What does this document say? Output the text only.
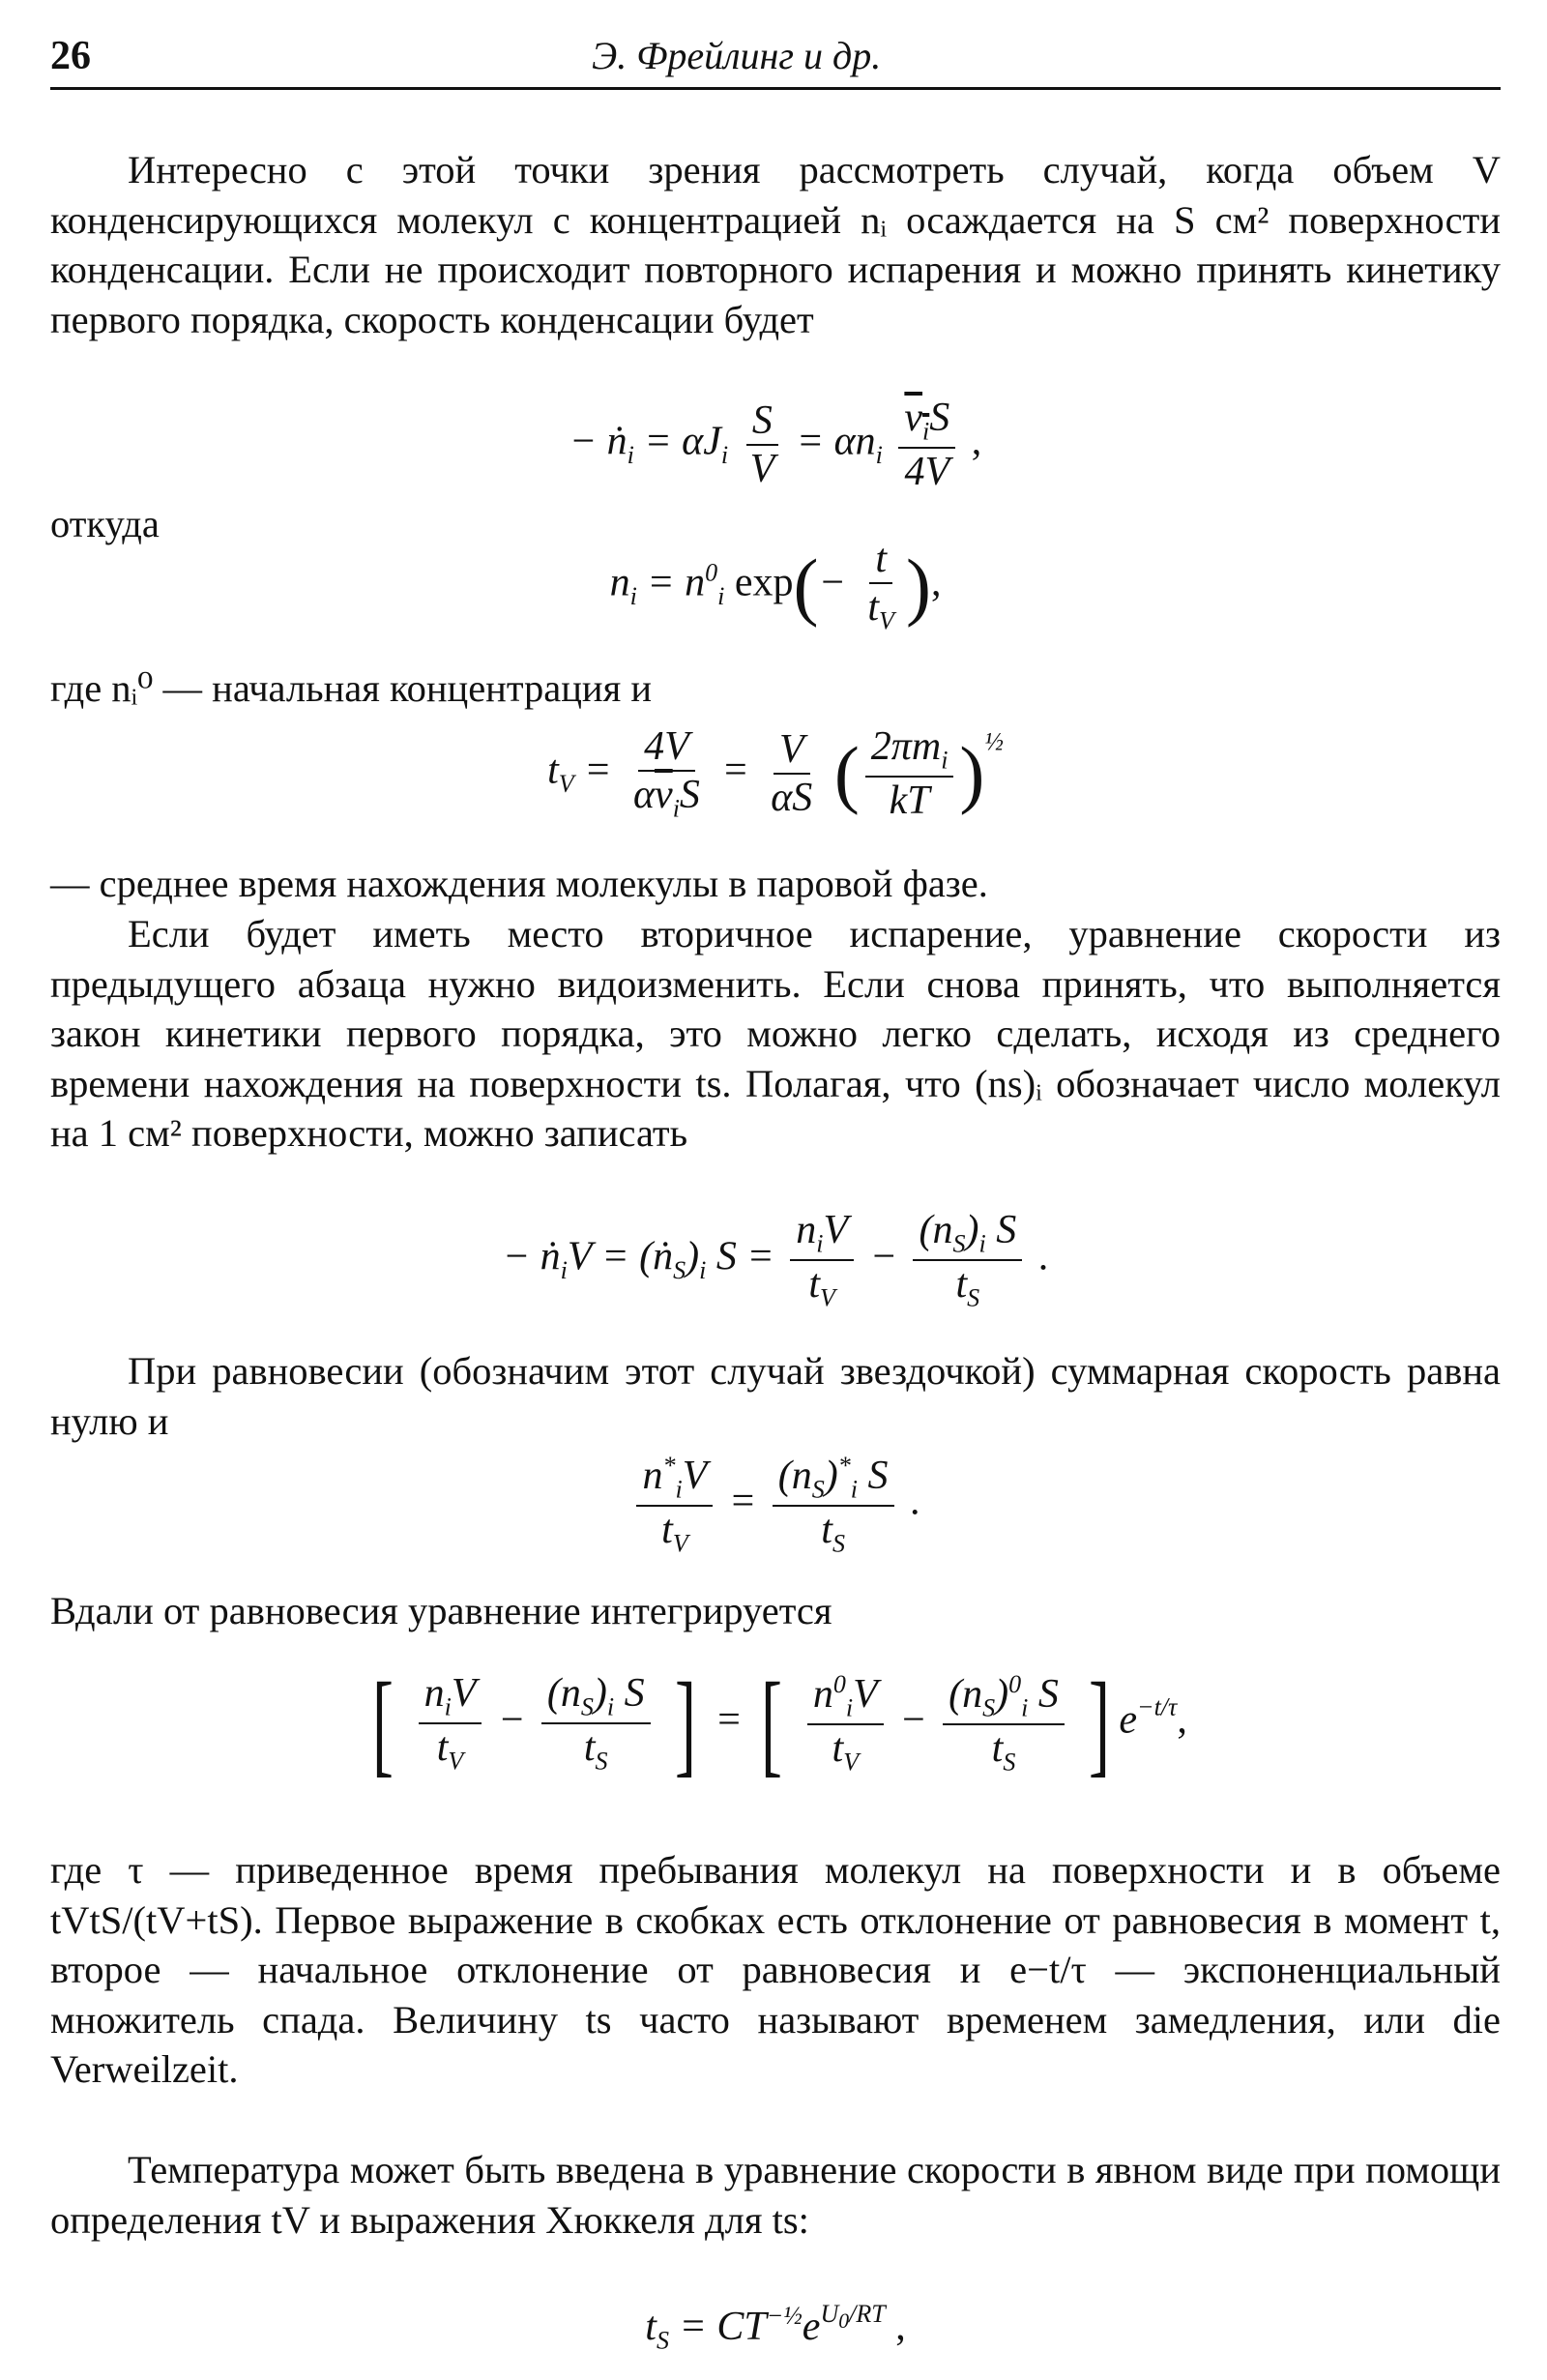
26	Э. Фрейлинг и др.

Интересно с этой точки зрения рассмотреть случай, когда объем V конденсирующихся молекул с концентрацией nᵢ осаждается на S см² поверхности конденсации. Если не происходит повторного испарения и можно принять кинетику первого порядка, скорость конденсации будет

− ṅ$_i$ = $\alpha J_i \frac{S}{V} = \alpha n_i$
$v_iS$
4V
,

откуда

$n_i = n^0_i$ $\exp(- \frac{t}{t_V}$ ),

где nᵢ⁰ — начальная концентрация и

$t_V$ =
4V
$\alpha\overline{v}_iS$
= $\frac{V}{\alpha S}$ ( $2\pi m_i$
kT )$^{\frac{1}{2}}$

— среднее время нахождения молекулы в паровой фазе.

Если будет иметь место вторичное испарение, уравнение скорости из предыдущего абзаца нужно видоизменить. Если снова принять, что выполняется закон кинетики первого порядка, это можно легко сделать, исходя из среднего времени нахождения на поверхности ts. Полагая, что (ns)ᵢ обозначает число молекул на 1 см² поверхности, можно записать

− ṅ$_i$V = $(ṅ_S)_i$ S =
$n_iV$
$t_V$
− $\frac{(n_S)_i S}{t_S}$ .

При равновесии (обозначим этот случай звездочкой) суммарная скорость равна нулю и

$\frac{n^*_iV}{t_V} = \frac{(n_S)^*_i S}{t_S}$ .

Вдали от равновесия уравнение интегрируется

[ $n_iV$
$t_V$
− $\frac{(n_S)_i S}{t_S}$ ] = [ $\frac{n^0_iV}{t_V} - \frac{(n_S)^0_i S}{t_S}$ ] $e^{-t/\tau}$,

где τ — приведенное время пребывания молекул на поверхности и в объеме tVtS/(tV+tS). Первое выражение в скобках есть отклонение от равновесия в момент t, второе — начальное отклонение от равновесия и e−t/τ — экспоненциальный множитель спада. Величину ts часто называют временем замедления, или die Verweilzeit.

Температура может быть введена в уравнение скорости в явном виде при помощи определения tV и выражения Хюккеля для ts:

$t_S = CT^{-\frac{1}{2}}e^{U_0/RT}$ ,
